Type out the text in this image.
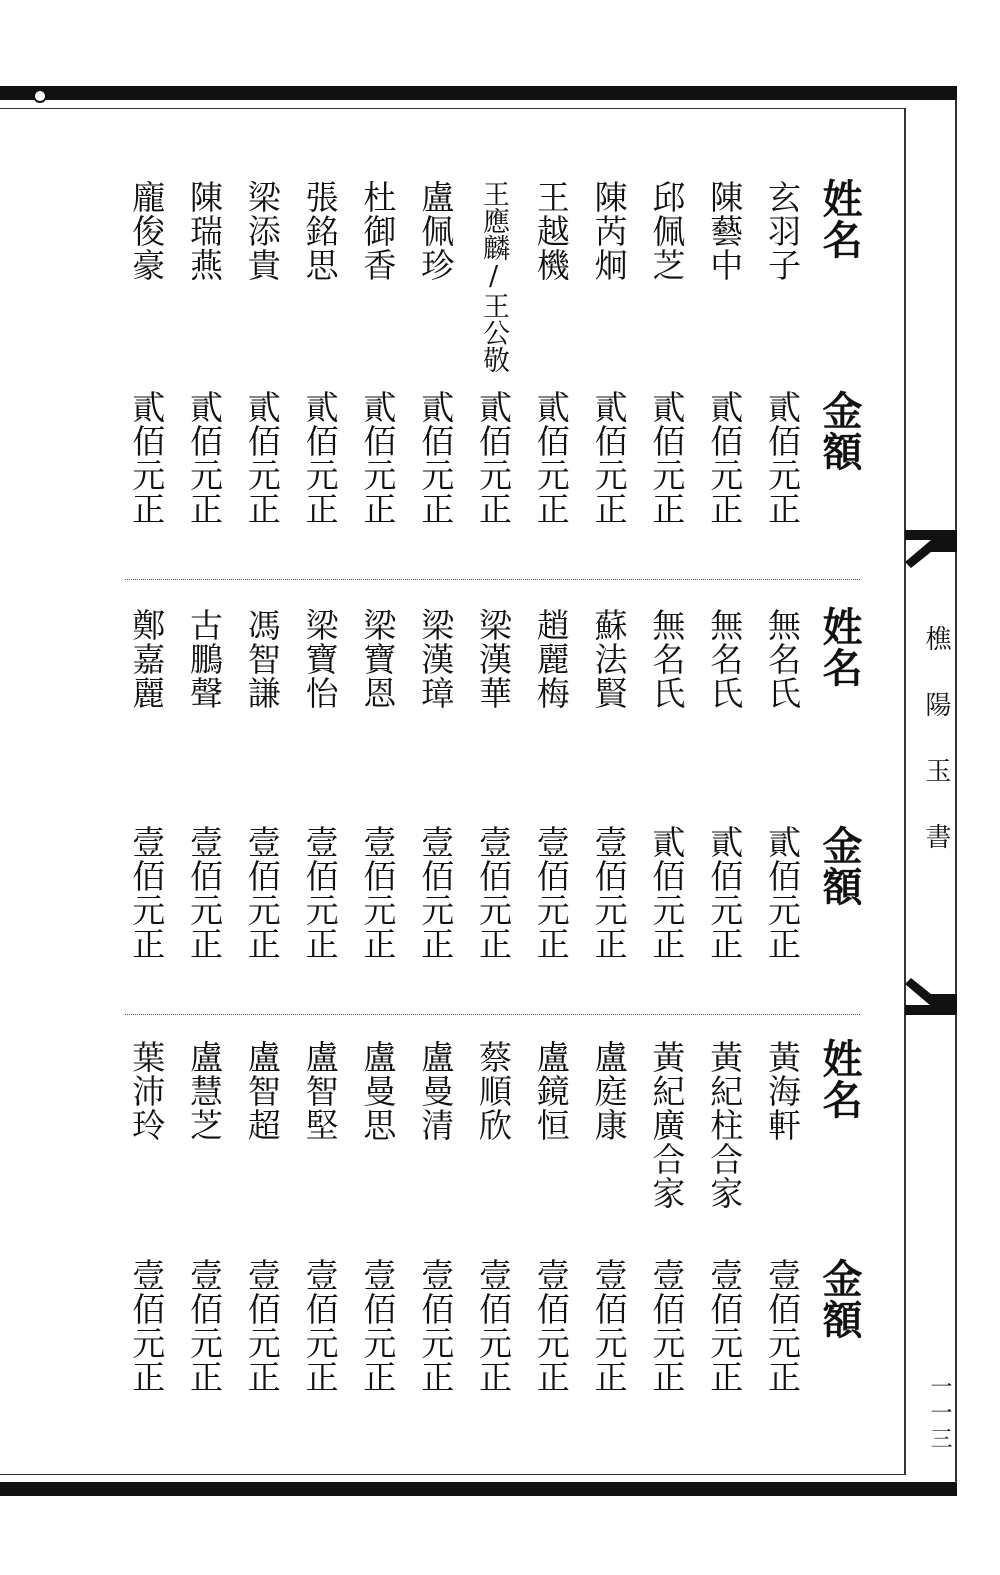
樵陽玉書
一一三
姓名
金額
玄羽子
貳佰元正
陳藝中
貳佰元正
邱佩芝
貳佰元正
陳芮炯
貳佰元正
王越機
貳佰元正
王應麟/王公敬
貳佰元正
盧佩珍
貳佰元正
杜御香
貳佰元正
張銘思
貳佰元正
梁添貴
貳佰元正
陳瑞燕
貳佰元正
龐俊豪
貳佰元正
姓名
金額
無名氏
貳佰元正
無名氏
貳佰元正
無名氏
貳佰元正
蘇法賢
壹佰元正
趙麗梅
壹佰元正
梁漢華
壹佰元正
梁漢璋
壹佰元正
梁寶恩
壹佰元正
梁寶怡
壹佰元正
馮智謙
壹佰元正
古鵬聲
壹佰元正
鄭嘉麗
壹佰元正
姓名
金額
黃海軒
壹佰元正
黃紀柱合家
壹佰元正
黃紀廣合家
壹佰元正
盧庭康
壹佰元正
盧鏡恒
壹佰元正
蔡順欣
壹佰元正
盧曼清
壹佰元正
盧曼思
壹佰元正
盧智堅
壹佰元正
盧智超
壹佰元正
盧慧芝
壹佰元正
葉沛玲
壹佰元正
